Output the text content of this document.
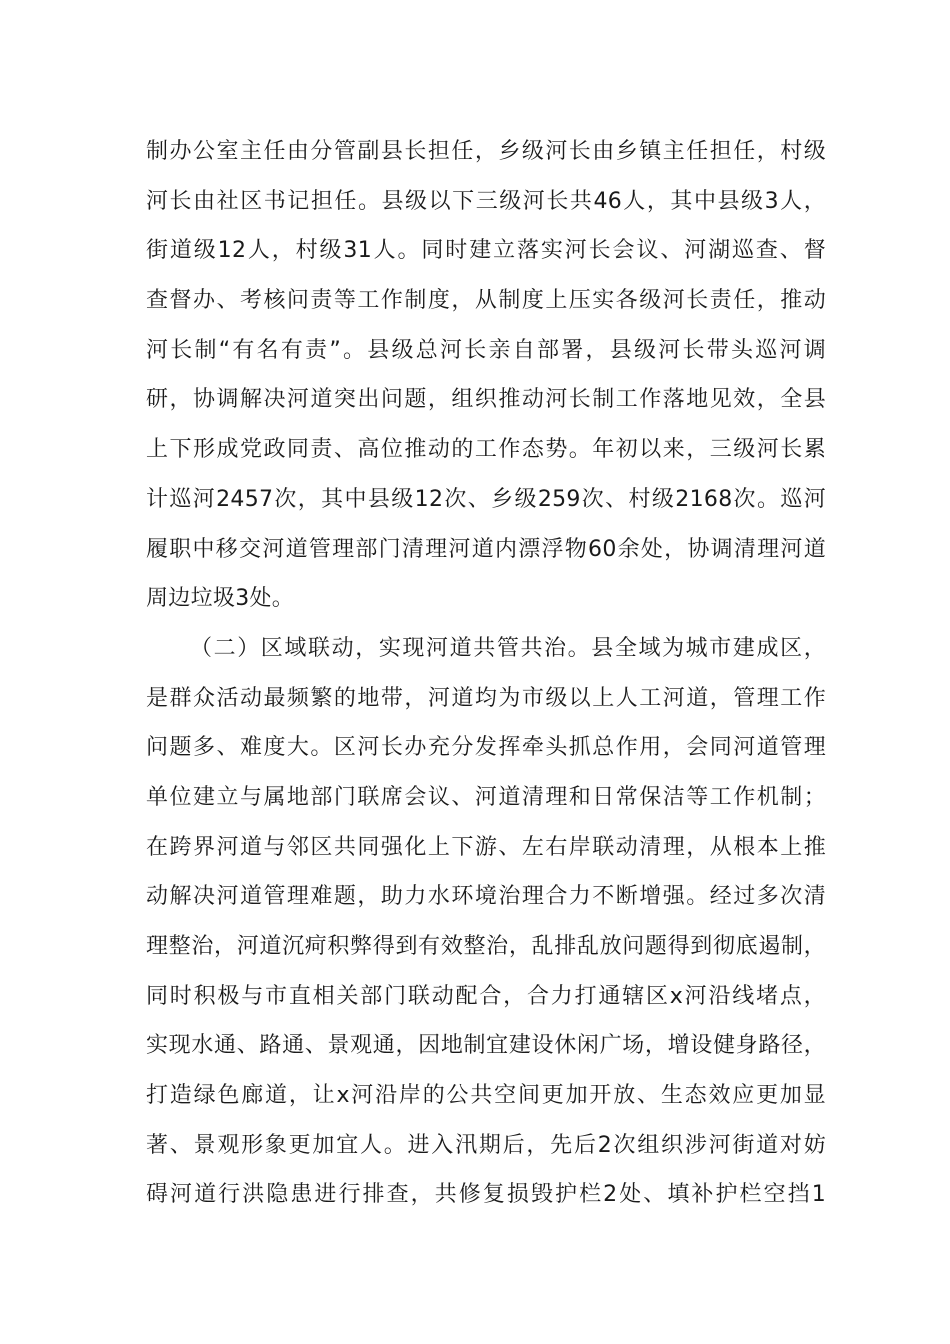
制办公室主任由分管副县长担任，乡级河长由乡镇主任担任，村级
河长由社区书记担任。县级以下三级河长共46人，其中县级3人，
街道级12人，村级31人。同时建立落实河长会议、河湖巡查、督
查督办、考核问责等工作制度，从制度上压实各级河长责任，推动
河长制“有名有责”。县级总河长亲自部署，县级河长带头巡河调
研，协调解决河道突出问题，组织推动河长制工作落地见效，全县
上下形成党政同责、高位推动的工作态势。年初以来，三级河长累
计巡河2457次，其中县级12次、乡级259次、村级2168次。巡河
履职中移交河道管理部门清理河道内漂浮物60余处，协调清理河道
周边垃圾3处。
（二）区域联动，实现河道共管共治。县全域为城市建成区，
是群众活动最频繁的地带，河道均为市级以上人工河道，管理工作
问题多、难度大。区河长办充分发挥牵头抓总作用，会同河道管理
单位建立与属地部门联席会议、河道清理和日常保洁等工作机制；
在跨界河道与邻区共同强化上下游、左右岸联动清理，从根本上推
动解决河道管理难题，助力水环境治理合力不断增强。经过多次清
理整治，河道沉疴积弊得到有效整治，乱排乱放问题得到彻底遏制，
同时积极与市直相关部门联动配合，合力打通辖区x河沿线堵点，
实现水通、路通、景观通，因地制宜建设休闲广场，增设健身路径，
打造绿色廊道，让x河沿岸的公共空间更加开放、生态效应更加显
著、景观形象更加宜人。进入汛期后，先后2次组织涉河街道对妨
碍河道行洪隐患进行排查，共修复损毁护栏2处、填补护栏空挡1
